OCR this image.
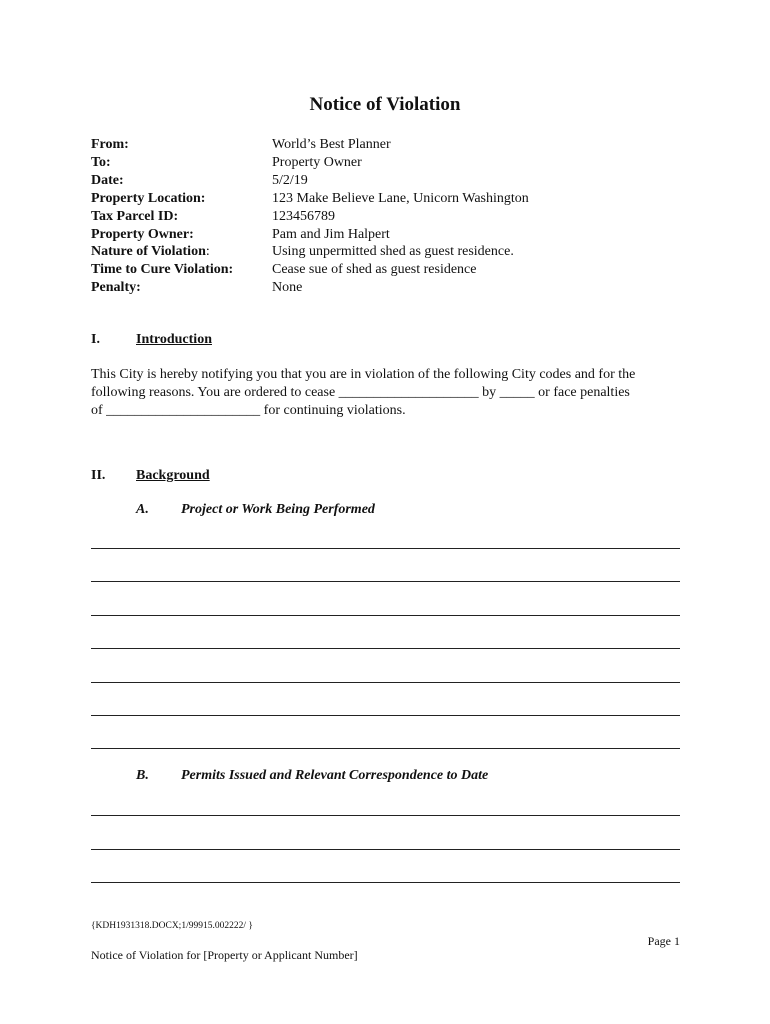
Notice of Violation
From:	World’s Best Planner
To:	Property Owner
Date:	5/2/19
Property Location:	123 Make Believe Lane, Unicorn Washington
Tax Parcel ID:	123456789
Property Owner:	Pam and Jim Halpert
Nature of Violation:	Using unpermitted shed as guest residence.
Time to Cure Violation:	Cease sue of shed as guest residence
Penalty:	None
I.	Introduction
This City is hereby notifying you that you are in violation of the following City codes and for the
following reasons. You are ordered to cease ____________________ by _____ or face penalties
of ______________________ for continuing violations.
II.	Background
A.	Project or Work Being Performed
B.	Permits Issued and Relevant Correspondence to Date
{KDH1931318.DOCX;1/99915.002222/ }
Page 1
Notice of Violation for [Property or Applicant Number]
